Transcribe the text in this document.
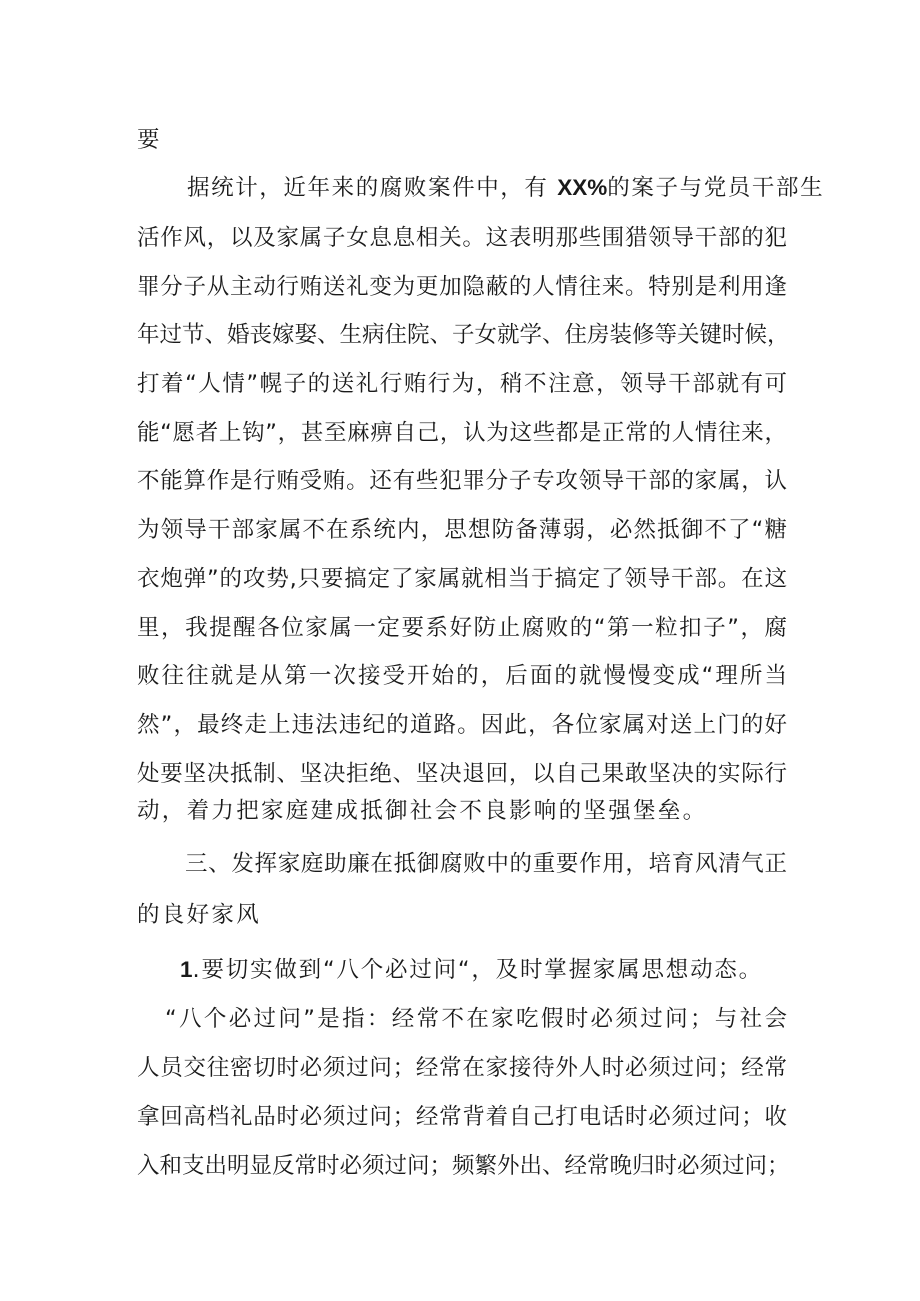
要
据统计，近年来的腐败案件中，有 XX%的案子与党员干部生
活作风，以及家属子女息息相关。这表明那些围猎领导干部的犯
罪分子从主动行贿送礼变为更加隐蔽的人情往来。特别是利用逢
年过节、婚丧嫁娶、生病住院、子女就学、住房装修等关键时候，
打着“人情”幌子的送礼行贿行为，稍不注意，领导干部就有可
能“愿者上钩”，甚至麻痹自己，认为这些都是正常的人情往来，
不能算作是行贿受贿。还有些犯罪分子专攻领导干部的家属，认
为领导干部家属不在系统内，思想防备薄弱，必然抵御不了“糖
衣炮弹”的攻势,只要搞定了家属就相当于搞定了领导干部。在这
里，我提醒各位家属一定要系好防止腐败的“第一粒扣子”，腐
败往往就是从第一次接受开始的，后面的就慢慢变成“理所当
然”，最终走上违法违纪的道路。因此，各位家属对送上门的好
处要坚决抵制、坚决拒绝、坚决退回，以自己果敢坚决的实际行
动，着力把家庭建成抵御社会不良影响的坚强堡垒。
三、发挥家庭助廉在抵御腐败中的重要作用，培育风清气正
的良好家风
1.要切实做到“八个必过问“，及时掌握家属思想动态。
“八个必过问”是指：经常不在家吃假时必须过问；与社会
人员交往密切时必须过问；经常在家接待外人时必须过问；经常
拿回高档礼品时必须过问；经常背着自己打电话时必须过问；收
入和支出明显反常时必须过问；频繁外出、经常晚归时必须过问；
